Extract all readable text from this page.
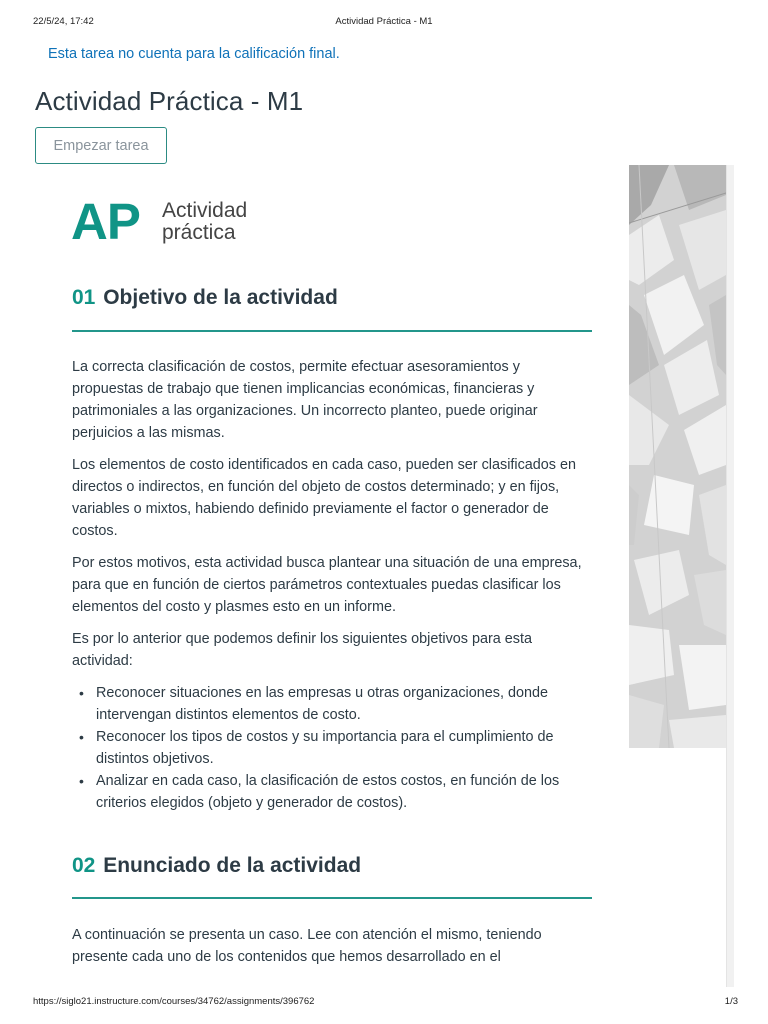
22/5/24, 17:42	Actividad Práctica - M1
Esta tarea no cuenta para la calificación final.
Actividad Práctica - M1
Empezar tarea
AP Actividad
práctica
01 Objetivo de la actividad

La correcta clasificación de costos, permite efectuar asesoramientos y propuestas de trabajo que tienen implicancias económicas, financieras y patrimoniales a las organizaciones. Un incorrecto planteo, puede originar perjuicios a las mismas.

Los elementos de costo identificados en cada caso, pueden ser clasificados en directos o indirectos, en función del objeto de costos determinado; y en fijos, variables o mixtos, habiendo definido previamente el factor o generador de costos.

Por estos motivos, esta actividad busca plantear una situación de una empresa, para que en función de ciertos parámetros contextuales puedas clasificar los elementos del costo y plasmes esto en un informe.

Es por lo anterior que podemos definir los siguientes objetivos para esta actividad:

• Reconocer situaciones en las empresas u otras organizaciones, donde intervengan distintos elementos de costo.
• Reconocer los tipos de costos y su importancia para el cumplimiento de distintos objetivos.
• Analizar en cada caso, la clasificación de estos costos, en función de los criterios elegidos (objeto y generador de costos).
02 Enunciado de la actividad

A continuación se presenta un caso. Lee con atención el mismo, teniendo presente cada uno de los contenidos que hemos desarrollado en el

https://siglo21.instructure.com/courses/34762/assignments/396762	1/3
